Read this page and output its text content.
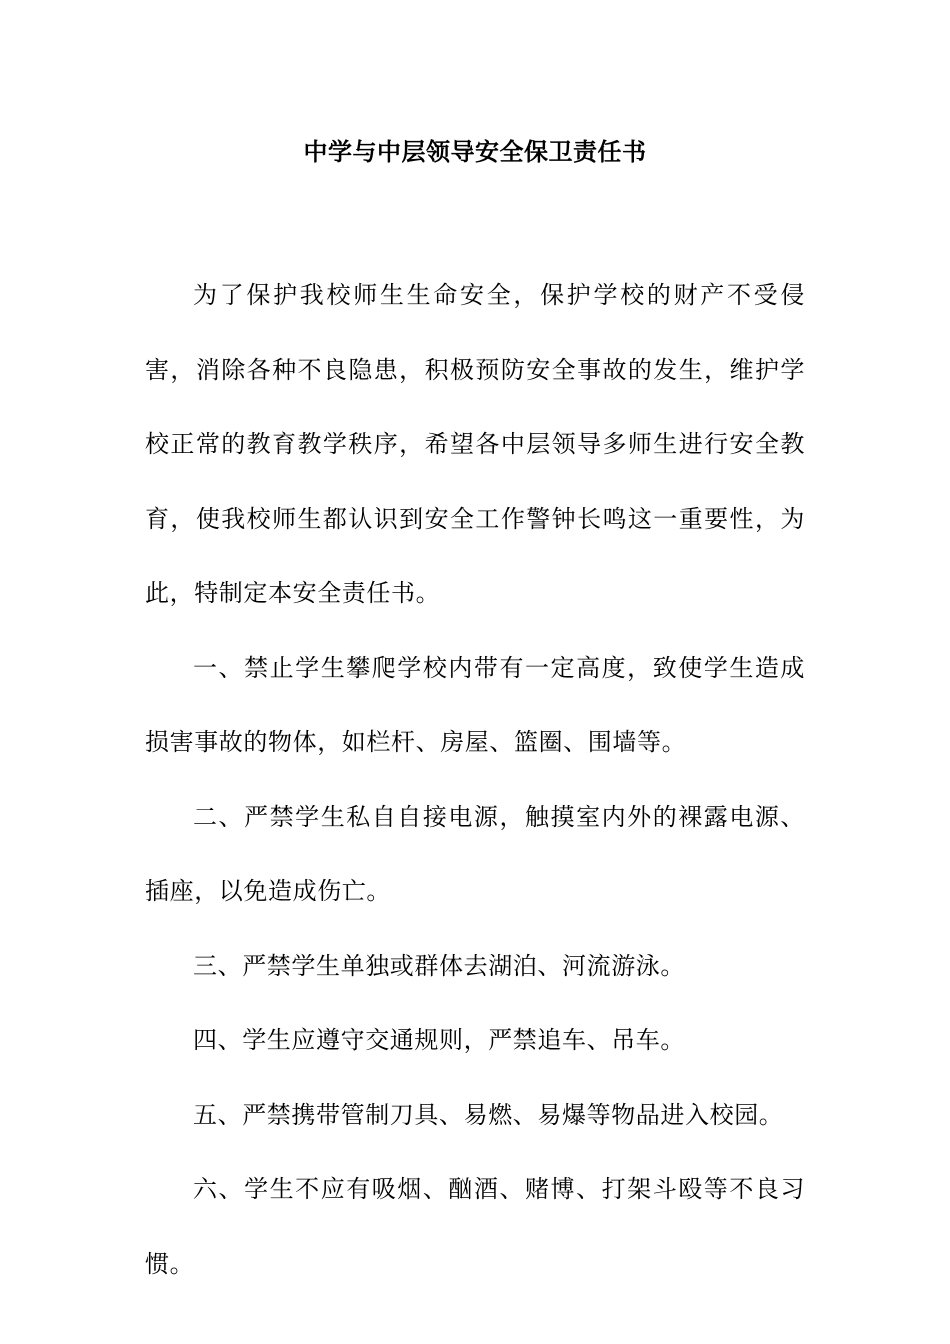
中学与中层领导安全保卫责任书

为了保护我校师生生命安全，保护学校的财产不受侵害，消除各种不良隐患，积极预防安全事故的发生，维护学校正常的教育教学秩序，希望各中层领导多师生进行安全教育，使我校师生都认识到安全工作警钟长鸣这一重要性，为此，特制定本安全责任书。

一、禁止学生攀爬学校内带有一定高度，致使学生造成损害事故的物体，如栏杆、房屋、篮圈、围墙等。

二、严禁学生私自自接电源，触摸室内外的裸露电源、插座，以免造成伤亡。

三、严禁学生单独或群体去湖泊、河流游泳。

四、学生应遵守交通规则，严禁追车、吊车。

五、严禁携带管制刀具、易燃、易爆等物品进入校园。

六、学生不应有吸烟、酗酒、赌博、打架斗殴等不良习惯。
